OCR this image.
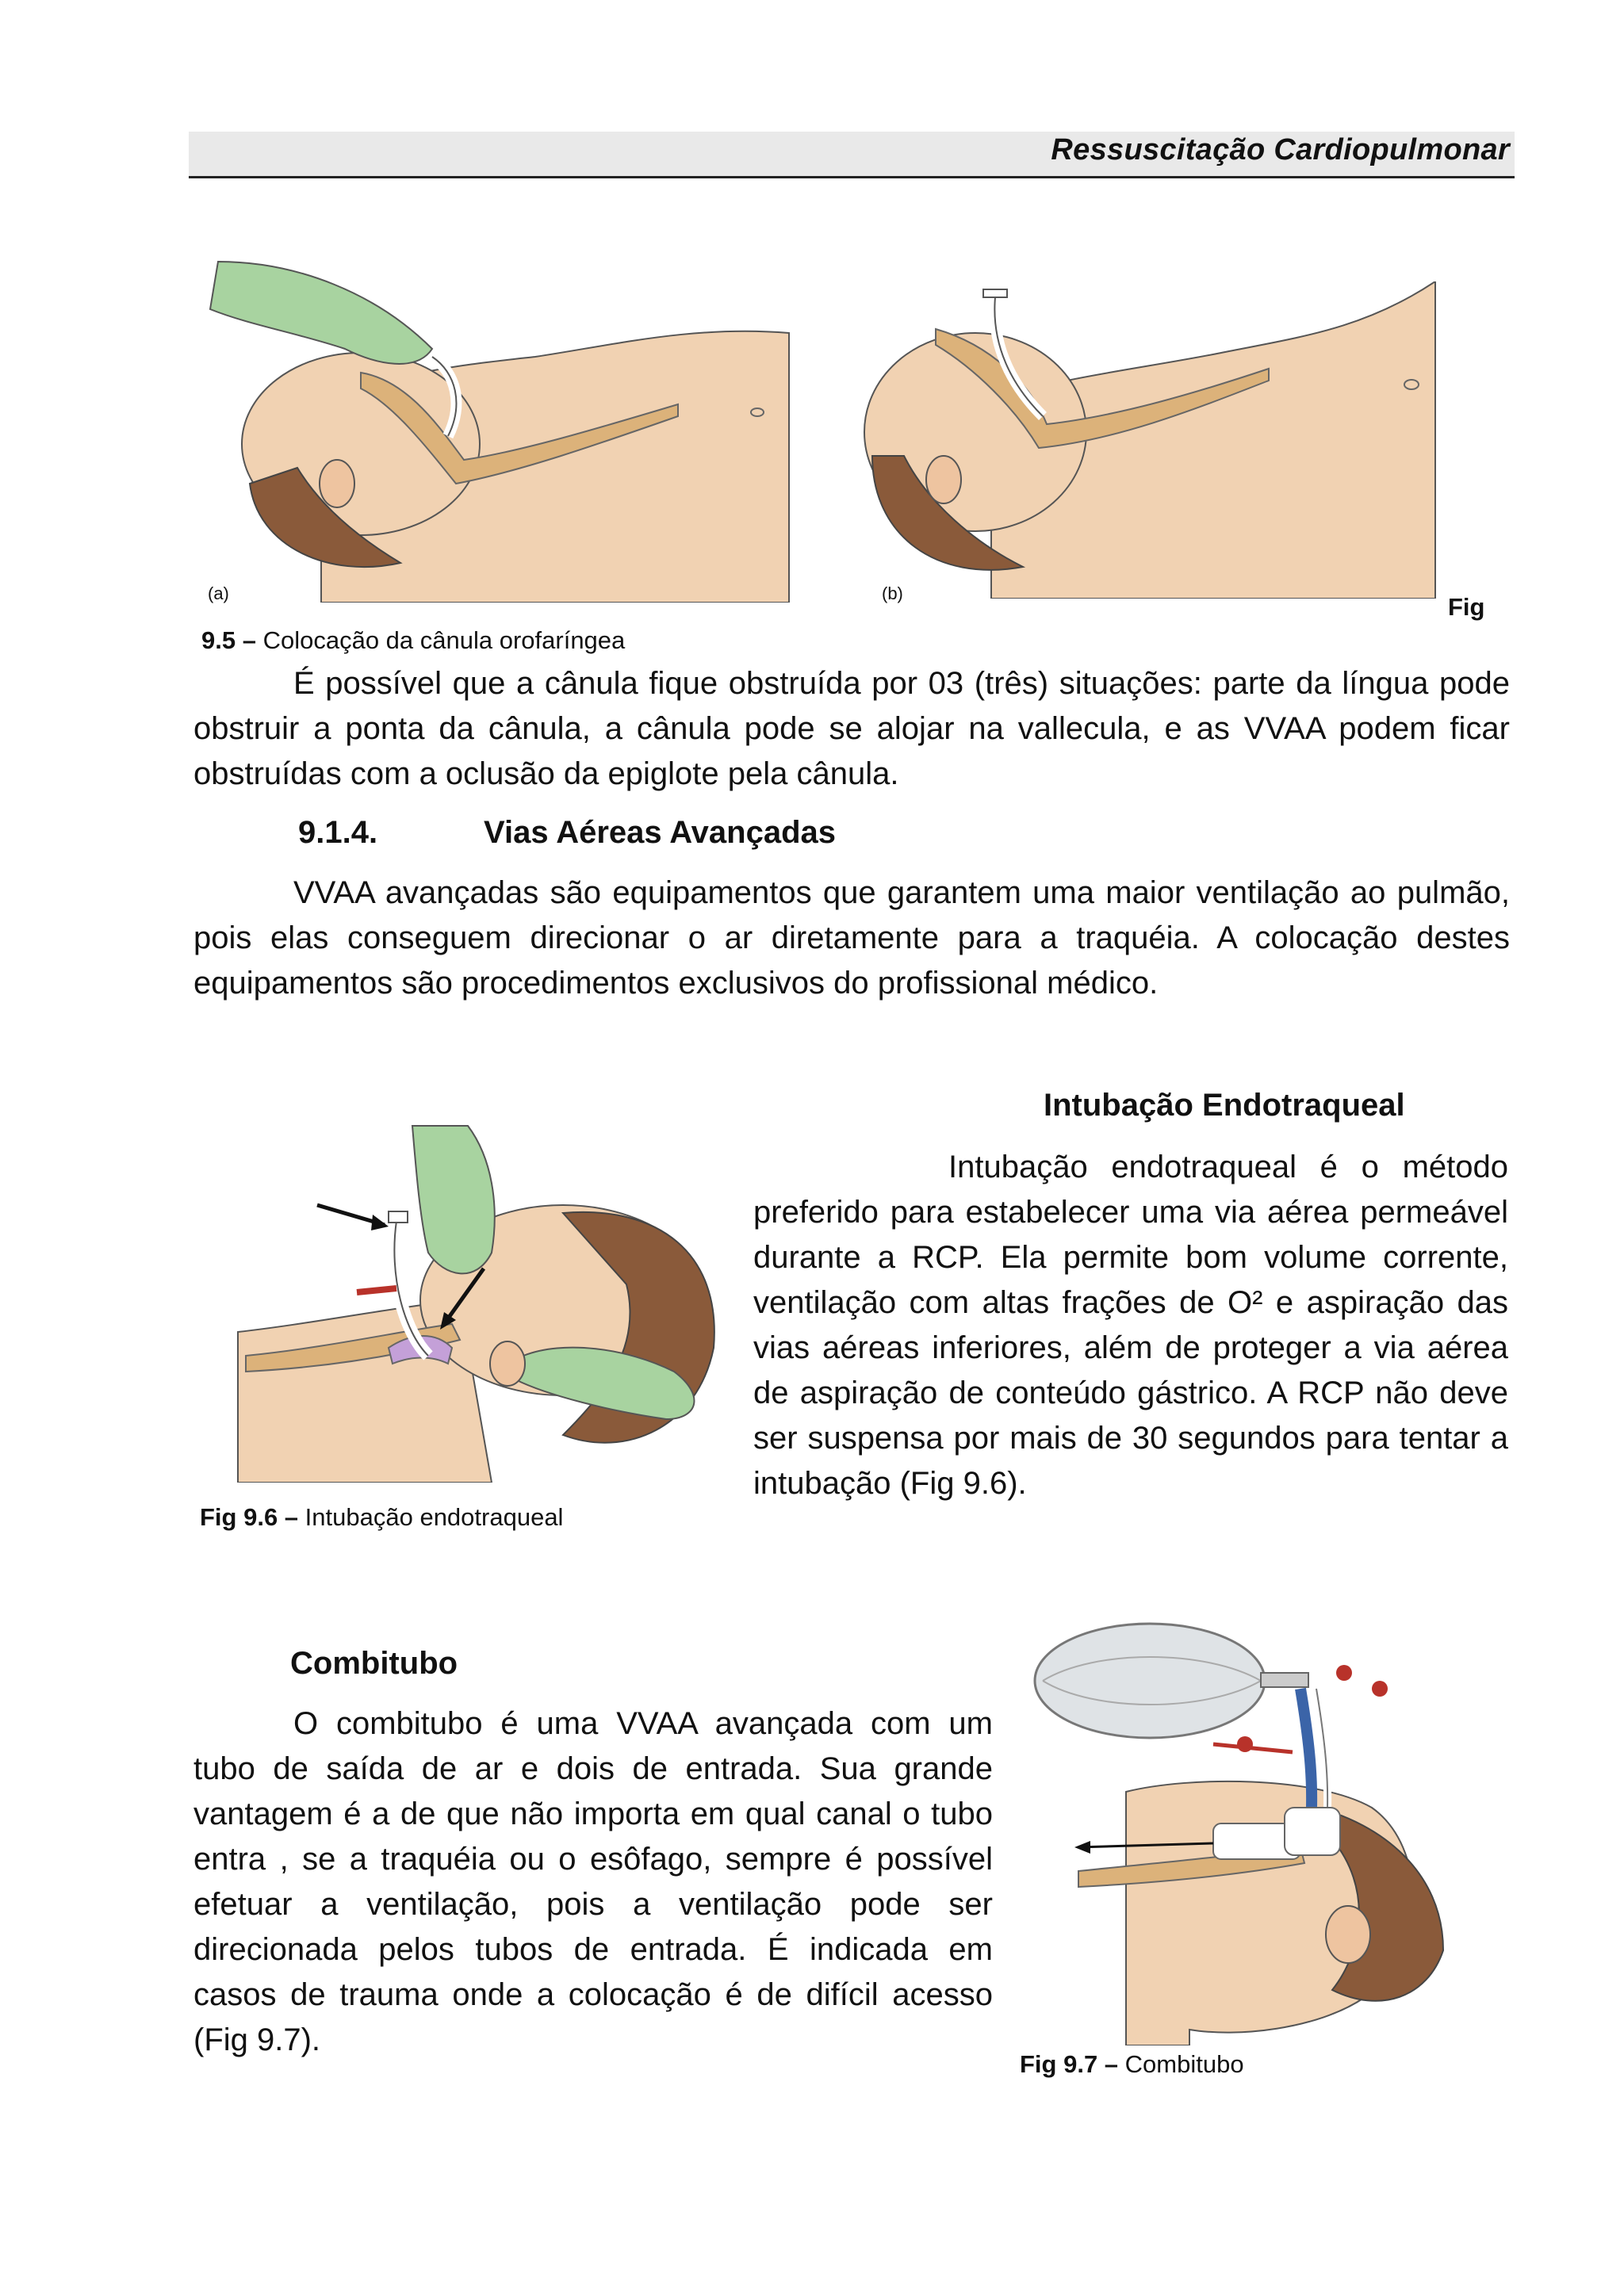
Ressuscitação Cardiopulmonar
(a)	(b)	Fig
9.5 – Colocação da cânula orofaríngea
É possível que a cânula fique obstruída por 03 (três) situações: parte da língua pode obstruir a ponta da cânula, a cânula pode se alojar na vallecula, e as VVAA podem ficar obstruídas com a oclusão da epiglote pela cânula.
9.1.4.	Vias Aéreas Avançadas
VVAA avançadas são equipamentos que garantem uma maior ventilação ao pulmão, pois elas conseguem direcionar o ar diretamente para a traquéia. A colocação destes equipamentos são procedimentos exclusivos do profissional médico.
Fig 9.6 – Intubação endotraqueal
Intubação Endotraqueal
Intubação endotraqueal é o método preferido para estabelecer uma via aérea permeável durante a RCP. Ela permite bom volume corrente, ventilação com altas frações de O² e aspiração das vias aéreas inferiores, além de proteger a via aérea de aspiração de conteúdo gástrico. A RCP não deve ser suspensa por mais de 30 segundos para tentar a intubação (Fig 9.6).
Combitubo
O combitubo é uma VVAA avançada com um tubo de saída de ar e dois de entrada. Sua grande vantagem é a de que não importa em qual canal o tubo entra , se a traquéia ou o esôfago, sempre é possível efetuar a ventilação, pois a ventilação pode ser direcionada pelos tubos de entrada. É indicada em casos de trauma onde a colocação é de difícil acesso (Fig 9.7).
Fig 9.7 – Combitubo
